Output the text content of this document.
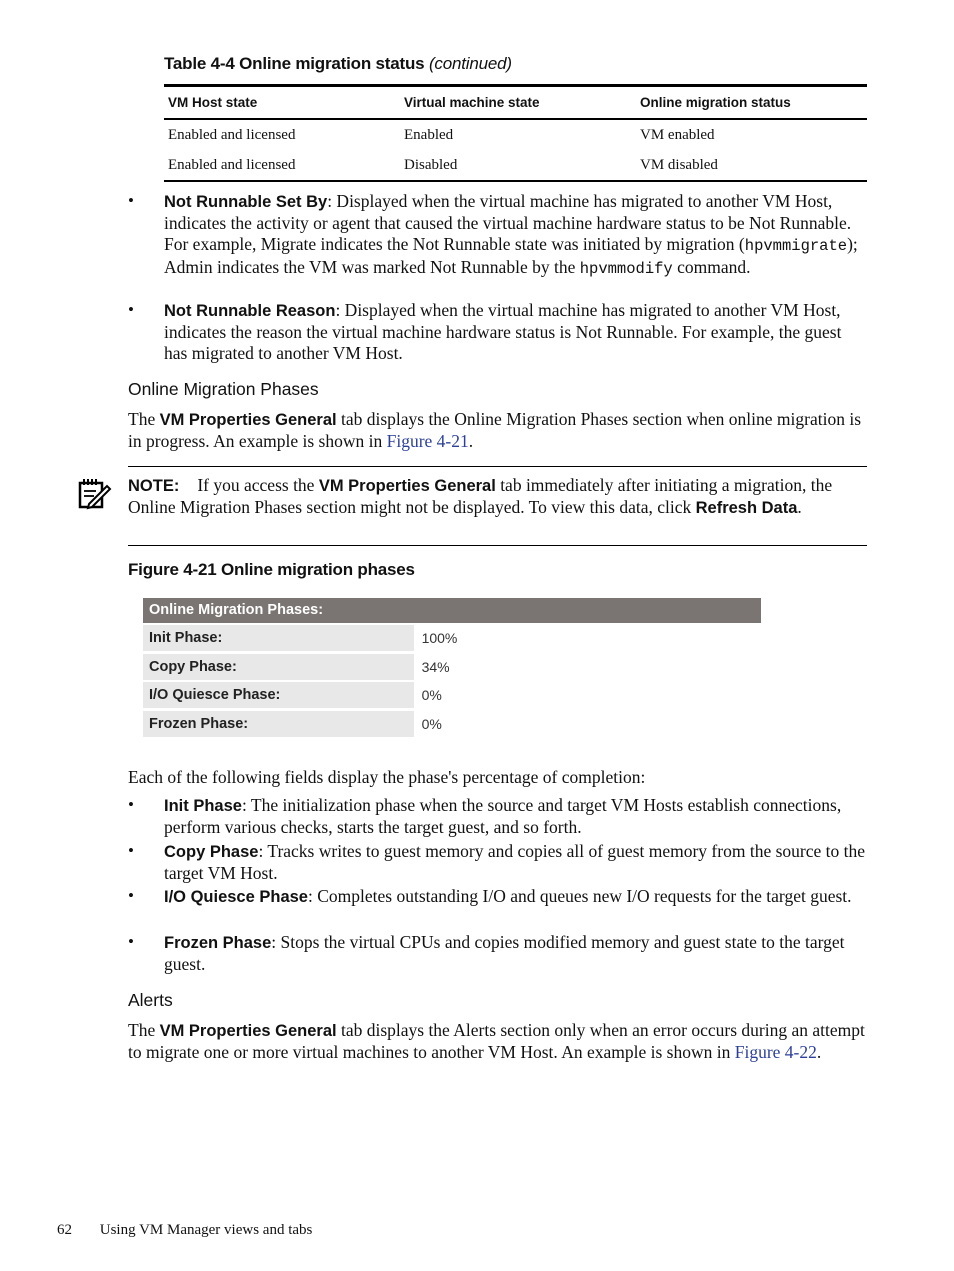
Table 4-4 Online migration status (continued)
VM Host state	Virtual machine state	Online migration status
Enabled and licensed	Enabled	VM enabled
Enabled and licensed	Disabled	VM disabled
• Not Runnable Set By: Displayed when the virtual machine has migrated to another VM Host, indicates the activity or agent that caused the virtual machine hardware status to be Not Runnable. For example, Migrate indicates the Not Runnable state was initiated by migration (hpvmmigrate); Admin indicates the VM was marked Not Runnable by the hpvmmodify command.
• Not Runnable Reason: Displayed when the virtual machine has migrated to another VM Host, indicates the reason the virtual machine hardware status is Not Runnable. For example, the guest has migrated to another VM Host.
Online Migration Phases
The VM Properties General tab displays the Online Migration Phases section when online migration is in progress. An example is shown in Figure 4-21.
NOTE: If you access the VM Properties General tab immediately after initiating a migration, the Online Migration Phases section might not be displayed. To view this data, click Refresh Data.
Figure 4-21 Online migration phases
Online Migration Phases:
Init Phase:	100%
Copy Phase:	34%
I/O Quiesce Phase:	0%
Frozen Phase:	0%
Each of the following fields display the phase's percentage of completion:
• Init Phase: The initialization phase when the source and target VM Hosts establish connections, perform various checks, starts the target guest, and so forth.
• Copy Phase: Tracks writes to guest memory and copies all of guest memory from the source to the target VM Host.
• I/O Quiesce Phase: Completes outstanding I/O and queues new I/O requests for the target guest.
• Frozen Phase: Stops the virtual CPUs and copies modified memory and guest state to the target guest.
Alerts
The VM Properties General tab displays the Alerts section only when an error occurs during an attempt to migrate one or more virtual machines to another VM Host. An example is shown in Figure 4-22.
62 Using VM Manager views and tabs
